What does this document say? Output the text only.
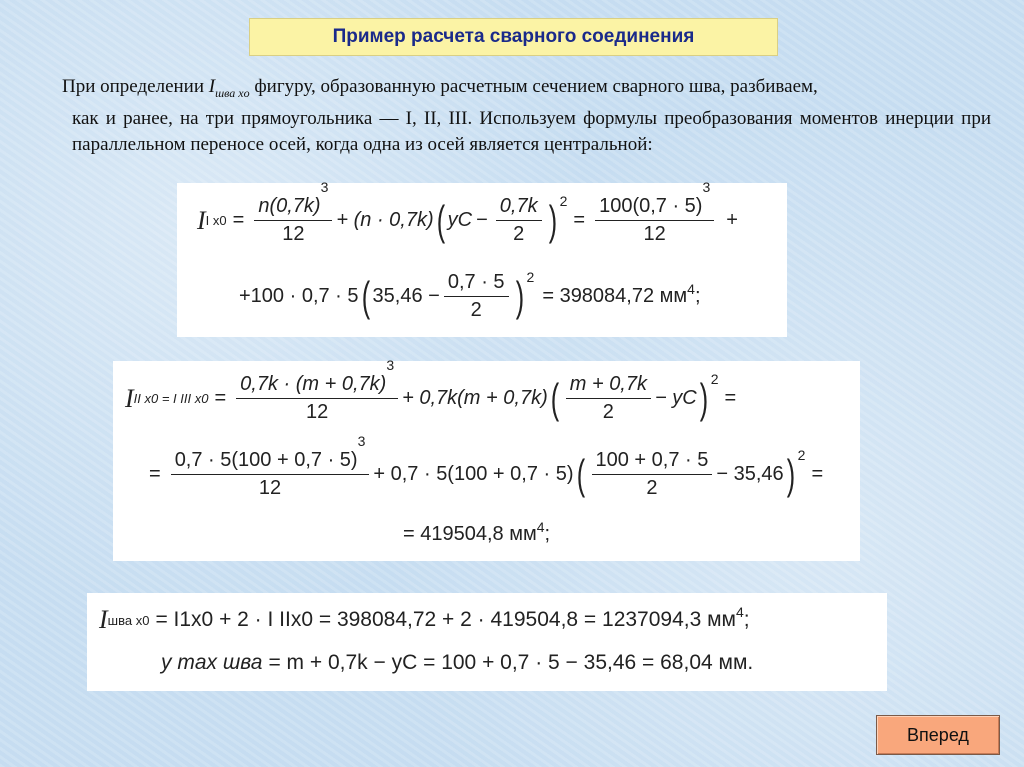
Пример расчета сварного соединения
При определении $I_{шва xо}$ фигуру, образованную расчетным сечением сварного шва, разбиваем,
как и ранее, на три прямоугольника — I, II, III. Используем формулы преобразования моментов инерции при параллельном переносе осей, когда одна из осей является центральной:
I I $x0 = \frac{n(0,7k)^3}{12} + (n \cdot 0,7k)$ ( yC − $\frac{0,7k}{2}$ ) 2
= $\frac{100(0,7 \cdot 5)^3}{12}$ +
+100 · 0,7 · 5 ( $35,46 - \frac{0,7 \cdot 5}{2}$ ) 2
= 398084,72 мм 4 ;
I II x0 = I III $x0 = \frac{0,7k \cdot (m + 0,7k)^3}{12} + 0,7k(m + 0,7k)$ ( $\frac{m + 0,7k}{2}$ − yC ) 2
=
= $\frac{0,7 \cdot 5(100 + 0,7 \cdot 5)^3}{12} + 0,7 \cdot 5(100 + 0,7 \cdot 5)$ ( $\frac{100 + 0,7 \cdot 5}{2} - 35,46$ ) 2
=
= 419504,8 мм 4 ;
I шва x0 = I1x0 + 2 · I IIx0 = 398084,72 + 2 · 419504,8 = 1237094,3 мм 4 ;
y max шва = m + 0,7k − yC = 100 + 0,7 · 5 − 35,46 = 68,04 мм.
Вперед
